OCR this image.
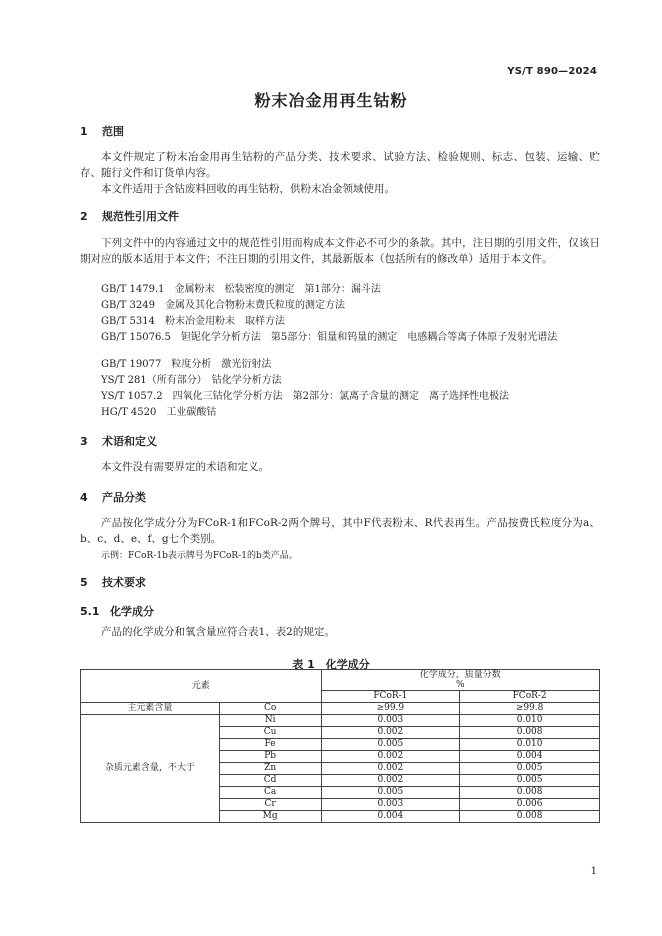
YS/T 890—2024
粉末冶金用再生钴粉
1 范围
本文件规定了粉末冶金用再生钴粉的产品分类、技术要求、试验方法、检验规则、标志、包装、运输、贮存、随行文件和订货单内容。
本文件适用于含钴废料回收的再生钴粉，供粉末冶金领域使用。
2 规范性引用文件
下列文件中的内容通过文中的规范性引用而构成本文件必不可少的条款。其中，注日期的引用文件，仅该日期对应的版本适用于本文件；不注日期的引用文件，其最新版本（包括所有的修改单）适用于本文件。
GB/T 1479.1　金属粉末　松装密度的测定　第1部分：漏斗法
GB/T 3249　金属及其化合物粉末费氏粒度的测定方法
GB/T 5314　粉末冶金用粉末　取样方法
GB/T 15076.5　钽铌化学分析方法　第5部分：钼量和钨量的测定　电感耦合等离子体原子发射光谱法
GB/T 19077　粒度分析　激光衍射法
YS/T 281（所有部分）　钴化学分析方法
YS/T 1057.2　四氧化三钴化学分析方法　第2部分：氯离子含量的测定　离子选择性电极法
HG/T 4520　工业碳酸钴
3 术语和定义
本文件没有需要界定的术语和定义。
4 产品分类
产品按化学成分分为FCoR-1和FCoR-2两个牌号，其中F代表粉末、R代表再生。产品按费氏粒度分为a、b、c、d、e、f、g七个类别。
示例：FCoR-1b表示牌号为FCoR-1的b类产品。
5 技术要求
5.1 化学成分
产品的化学成分和氧含量应符合表1、表2的规定。
表 1　化学成分
元素		化学成分，质量分数
%	
		FCoR-1	FCoR-2
主元素含量	Co	≥99.9	≥99.8
杂质元素含量，不大于	Ni	0.003	0.010
	Cu	0.002	0.008
	Fe	0.005	0.010
	Pb	0.002	0.004
	Zn	0.002	0.005
	Cd	0.002	0.005
	Ca	0.005	0.008
	Cr	0.003	0.006
	Mg	0.004	0.008
1
